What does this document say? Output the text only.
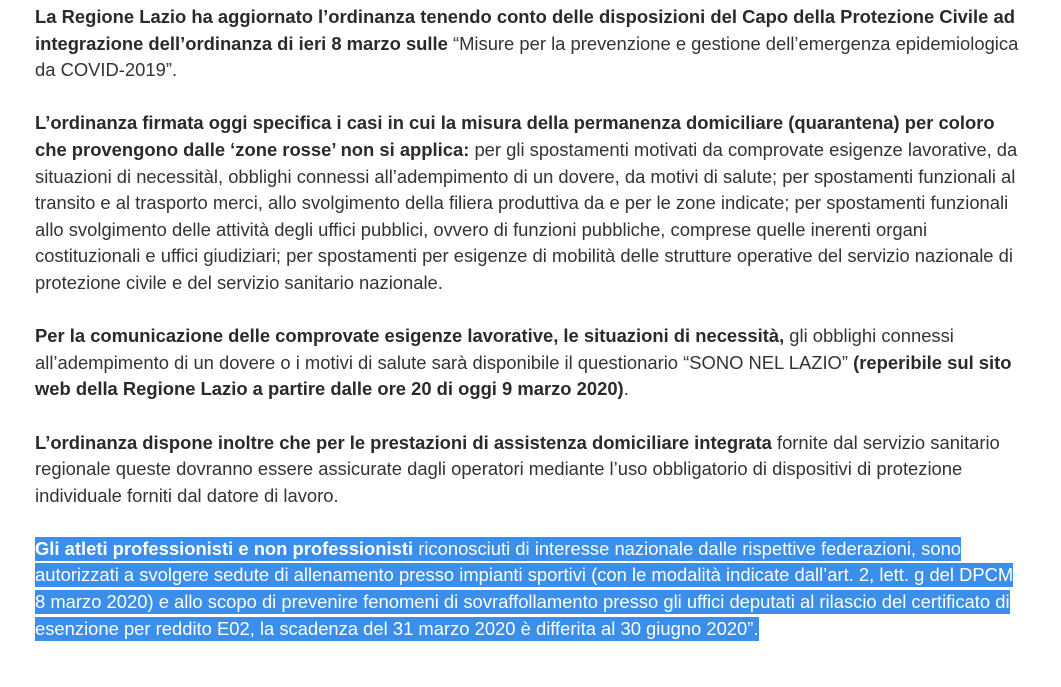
La Regione Lazio ha aggiornato l’ordinanza tenendo conto delle disposizioni del Capo della Protezione Civile ad integrazione dell’ordinanza di ieri 8 marzo sulle “Misure per la prevenzione e gestione dell’emergenza epidemiologica da COVID-2019”.

L’ordinanza firmata oggi specifica i casi in cui la misura della permanenza domiciliare (quarantena) per coloro che provengono dalle ‘zone rosse’ non si applica: per gli spostamenti motivati da comprovate esigenze lavorative, da situazioni di necessitàl, obblighi connessi all’adempimento di un dovere, da motivi di salute; per spostamenti funzionali al transito e al trasporto merci, allo svolgimento della filiera produttiva da e per le zone indicate; per spostamenti funzionali allo svolgimento delle attività degli uffici pubblici, ovvero di funzioni pubbliche, comprese quelle inerenti organi costituzionali e uffici giudiziari; per spostamenti per esigenze di mobilità delle strutture operative del servizio nazionale di protezione civile e del servizio sanitario nazionale.

Per la comunicazione delle comprovate esigenze lavorative, le situazioni di necessità, gli obblighi connessi all’adempimento di un dovere o i motivi di salute sarà disponibile il questionario “SONO NEL LAZIO” (reperibile sul sito web della Regione Lazio a partire dalle ore 20 di oggi 9 marzo 2020).

L’ordinanza dispone inoltre che per le prestazioni di assistenza domiciliare integrata fornite dal servizio sanitario regionale queste dovranno essere assicurate dagli operatori mediante l’uso obbligatorio di dispositivi di protezione individuale forniti dal datore di lavoro.

Gli atleti professionisti e non professionisti riconosciuti di interesse nazionale dalle rispettive federazioni, sono autorizzati a svolgere sedute di allenamento presso impianti sportivi (con le modalità indicate dall’art. 2, lett. g del DPCM 8 marzo 2020) e allo scopo di prevenire fenomeni di sovraffollamento presso gli uffici deputati al rilascio del certificato di esenzione per reddito E02, la scadenza del 31 marzo 2020 è differita al 30 giugno 2020”.
